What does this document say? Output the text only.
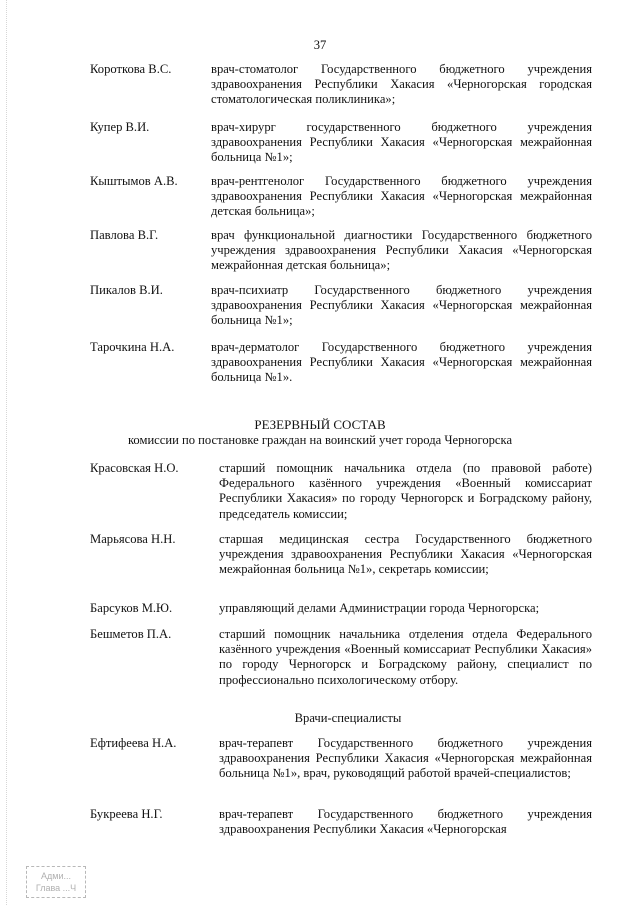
37
Короткова В.С.	врач-стоматолог Государственного бюджетного учреждения здравоохранения Республики Хакасия «Черногорская городская стоматологическая поликлиника»;
Купер В.И.	врач-хирург государственного бюджетного учреждения здравоохранения Республики Хакасия «Черногорская межрайонная больница №1»;
Кыштымов А.В.	врач-рентгенолог Государственного бюджетного учреждения здравоохранения Республики Хакасия «Черногорская межрайонная детская больница»;
Павлова В.Г.	врач функциональной диагностики Государственного бюджетного учреждения здравоохранения Республики Хакасия «Черногорская межрайонная детская больница»;
Пикалов В.И.	врач-психиатр Государственного бюджетного учреждения здравоохранения Республики Хакасия «Черногорская межрайонная больница №1»;
Тарочкина Н.А.	врач-дерматолог Государственного бюджетного учреждения здравоохранения Республики Хакасия «Черногорская межрайонная больница №1».
РЕЗЕРВНЫЙ СОСТАВ
комиссии по постановке граждан на воинский учет города Черногорска
Красовская Н.О.	старший помощник начальника отдела (по правовой работе) Федерального казённого учреждения «Военный комиссариат Республики Хакасия» по городу Черногорск и Боградскому району, председатель комиссии;
Марьясова Н.Н.	старшая медицинская сестра Государственного бюджетного учреждения здравоохранения Республики Хакасия «Черногорская межрайонная больница №1», секретарь комиссии;
Барсуков М.Ю.	управляющий делами Администрации города Черногорска;
Бешметов П.А.	старший помощник начальника отделения отдела Федерального казённого учреждения «Военный комиссариат Республики Хакасия» по городу Черногорск и Боградскому району, специалист по профессионально психологическому отбору.
Врачи-специалисты
Ефтифеева Н.А.	врач-терапевт Государственного бюджетного учреждения здравоохранения Республики Хакасия «Черногорская межрайонная больница №1», врач, руководящий работой врачей-специалистов;
Букреева Н.Г.	врач-терапевт Государственного бюджетного учреждения здравоохранения Республики Хакасия «Черногорская
Адми...
Глава ...Ч
